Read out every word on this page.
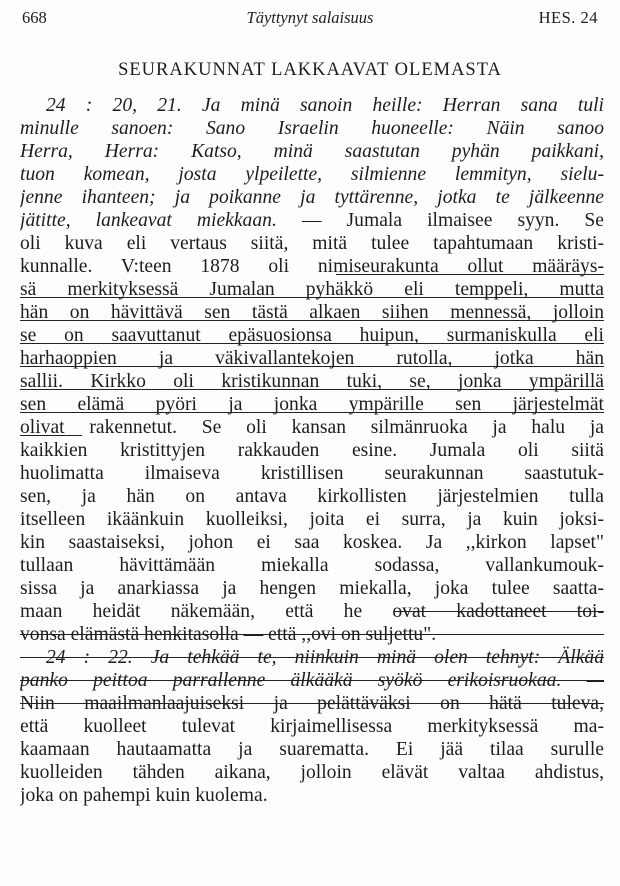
668	Täyttynyt salaisuus	HES. 24
SEURAKUNNAT LAKKAAVAT OLEMASTA
24 : 20, 21. Ja minä sanoin heille: Herran sana tuli
minulle sanoen: Sano Israelin huoneelle: Näin sanoo
Herra, Herra: Katso, minä saastutan pyhän paikkani,
tuon komean, josta ylpeilette, silmienne lemmityn, sielu-
jenne ihanteen; ja poikanne ja tyttärenne, jotka te jälkeenne
jätitte, lankeavat miekkaan. — Jumala ilmaisee syyn. Se
oli kuva eli vertaus siitä, mitä tulee tapahtumaan kristi-
kunnalle. V:teen 1878 oli nimiseurakunta ollut määräys-
sä merkityksessä Jumalan pyhäkkö eli temppeli, mutta
hän on hävittävä sen tästä alkaen siihen mennessä, jolloin
se on saavuttanut epäsuosionsa huipun, surmaniskulla eli
harhaoppien ja väkivallantekojen rutolla, jotka hän
sallii. Kirkko oli kristikunnan tuki, se, jonka ympärillä
sen elämä pyöri ja jonka ympärille sen järjestelmät
olivat rakennetut. Se oli kansan silmänruoka ja halu ja
kaikkien kristittyjen rakkauden esine. Jumala oli siitä
huolimatta ilmaiseva kristillisen seurakunnan saastutuk-
sen, ja hän on antava kirkollisten järjestelmien tulla
itselleen ikäänkuin kuolleiksi, joita ei surra, ja kuin joksi-
kin saastaiseksi, johon ei saa koskea. Ja ,,kirkon lapset"
tullaan hävittämään miekalla sodassa, vallankumouk-
sissa ja anarkiassa ja hengen miekalla, joka tulee saatta-
maan heidät näkemään, että he ovat kadottaneet toi-
vonsa elämästä henkitasolla — että ,,ovi on suljettu".
24 : 22. Ja tehkää te, niinkuin minä olen tehnyt: Älkää
panko peittoa parrallenne älkääkä syökö erikoisruokaa. —
Niin maailmanlaajuiseksi ja pelättäväksi on hätä tuleva,
että kuolleet tulevat kirjaimellisessa merkityksessä ma-
kaamaan hautaamatta ja suarematta. Ei jää tilaa surulle
kuolleiden tähden aikana, jolloin elävät valtaa ahdistus,
joka on pahempi kuin kuolema.
